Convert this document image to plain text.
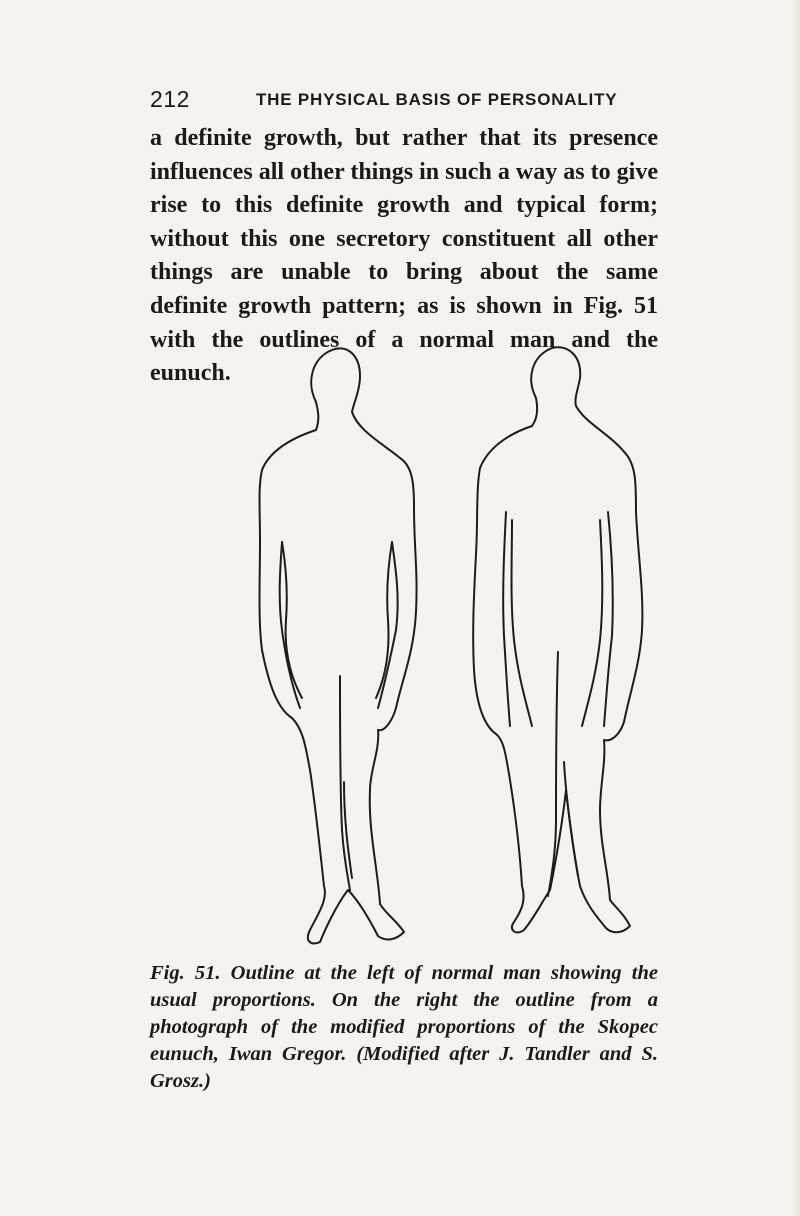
212	THE PHYSICAL BASIS OF PERSONALITY

a definite growth, but rather that its presence influences all other things in such a way as to give rise to this definite growth and typical form; without this one secretory constituent all other things are unable to bring about the same definite growth pattern; as is shown in Fig. 51 with the outlines of a normal man and the eunuch.

Fig. 51. Outline at the left of normal man showing the usual proportions. On the right the outline from a photograph of the modified proportions of the Skopec eunuch, Iwan Gregor. (Modified after J. Tandler and S. Grosz.)
